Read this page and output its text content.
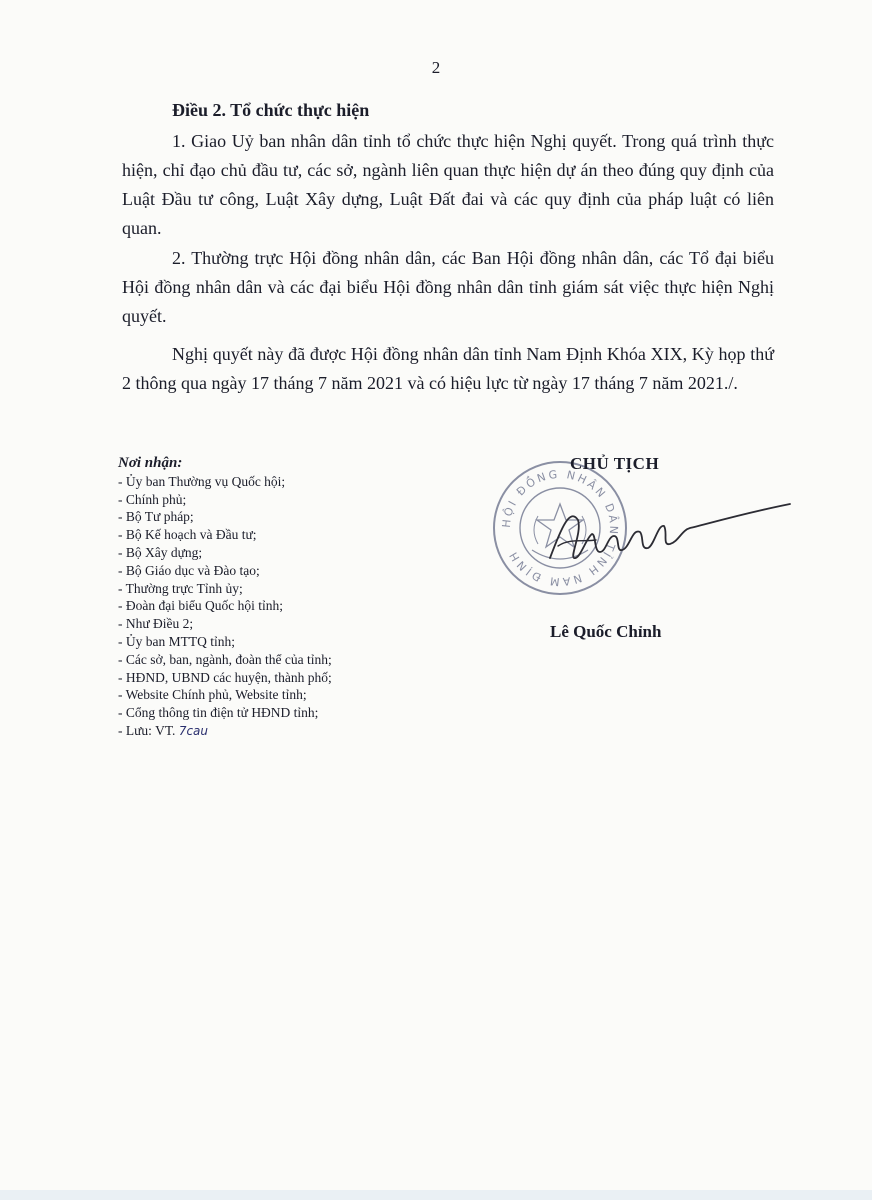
2
Điều 2. Tổ chức thực hiện

1. Giao Uỷ ban nhân dân tỉnh tổ chức thực hiện Nghị quyết. Trong quá trình thực hiện, chỉ đạo chủ đầu tư, các sở, ngành liên quan thực hiện dự án theo đúng quy định của Luật Đầu tư công, Luật Xây dựng, Luật Đất đai và các quy định của pháp luật có liên quan.

2. Thường trực Hội đồng nhân dân, các Ban Hội đồng nhân dân, các Tổ đại biểu Hội đồng nhân dân và các đại biểu Hội đồng nhân dân tỉnh giám sát việc thực hiện Nghị quyết.

Nghị quyết này đã được Hội đồng nhân dân tỉnh Nam Định Khóa XIX, Kỳ họp thứ 2 thông qua ngày 17 tháng 7 năm 2021 và có hiệu lực từ ngày 17 tháng 7 năm 2021./.

Nơi nhận:
- Ủy ban Thường vụ Quốc hội;
- Chính phủ;
- Bộ Tư pháp;
- Bộ Kế hoạch và Đầu tư;
- Bộ Xây dựng;
- Bộ Giáo dục và Đào tạo;
- Thường trực Tỉnh ủy;
- Đoàn đại biểu Quốc hội tỉnh;
- Như Điều 2;
- Ủy ban MTTQ tỉnh;
- Các sở, ban, ngành, đoàn thể của tỉnh;
- HĐND, UBND các huyện, thành phố;
- Website Chính phủ, Website tỉnh;
- Cổng thông tin điện tử HĐND tỉnh;
- Lưu: VT. 7cau
HỘI ĐỒNG NHÂN DÂN TỈNH NAM ĐỊNH
CHỦ TỊCH
Lê Quốc Chỉnh
